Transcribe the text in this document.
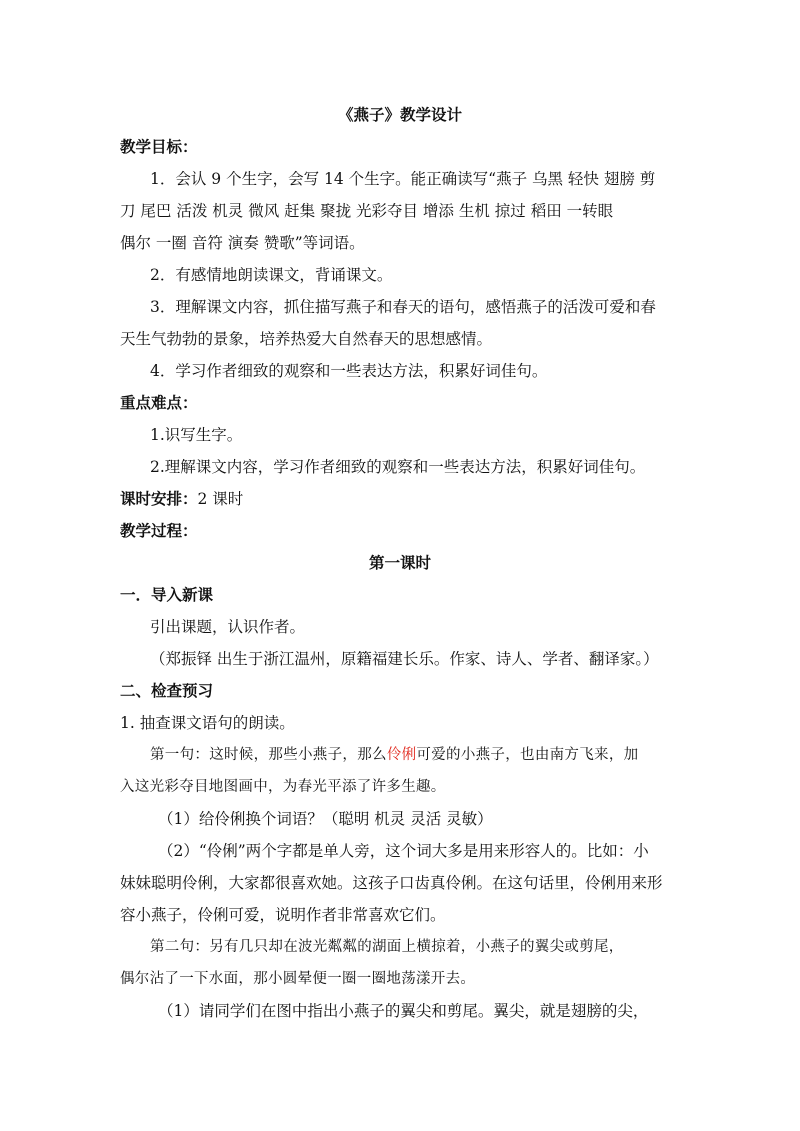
《燕子》教学设计
教学目标：
1．会认 9 个生字，会写 14 个生字。能正确读写“燕子 乌黑 轻快 翅膀 剪
刀 尾巴 活泼 机灵 微风 赶集 聚拢 光彩夺目 增添 生机 掠过 稻田 一转眼
偶尔 一圈 音符 演奏 赞歌”等词语。
2．有感情地朗读课文，背诵课文。
3．理解课文内容，抓住描写燕子和春天的语句，感悟燕子的活泼可爱和春
天生气勃勃的景象，培养热爱大自然春天的思想感情。
4．学习作者细致的观察和一些表达方法，积累好词佳句。
重点难点：
1.识写生字。
2.理解课文内容，学习作者细致的观察和一些表达方法，积累好词佳句。
课时安排：2 课时
教学过程：
第一课时
一．导入新课
引出课题，认识作者。
（郑振铎 出生于浙江温州，原籍福建长乐。作家、诗人、学者、翻译家。）
二、检查预习
1. 抽查课文语句的朗读。
第一句：这时候，那些小燕子，那么伶俐可爱的小燕子，也由南方飞来，加
入这光彩夺目地图画中，为春光平添了许多生趣。
（1）给伶俐换个词语？（聪明 机灵 灵活 灵敏）
（2）“伶俐”两个字都是单人旁，这个词大多是用来形容人的。比如：小
妹妹聪明伶俐，大家都很喜欢她。这孩子口齿真伶俐。在这句话里，伶俐用来形
容小燕子，伶俐可爱，说明作者非常喜欢它们。
第二句：另有几只却在波光粼粼的湖面上横掠着，小燕子的翼尖或剪尾，
偶尔沾了一下水面，那小圆晕便一圈一圈地荡漾开去。
（1）请同学们在图中指出小燕子的翼尖和剪尾。翼尖，就是翅膀的尖，
